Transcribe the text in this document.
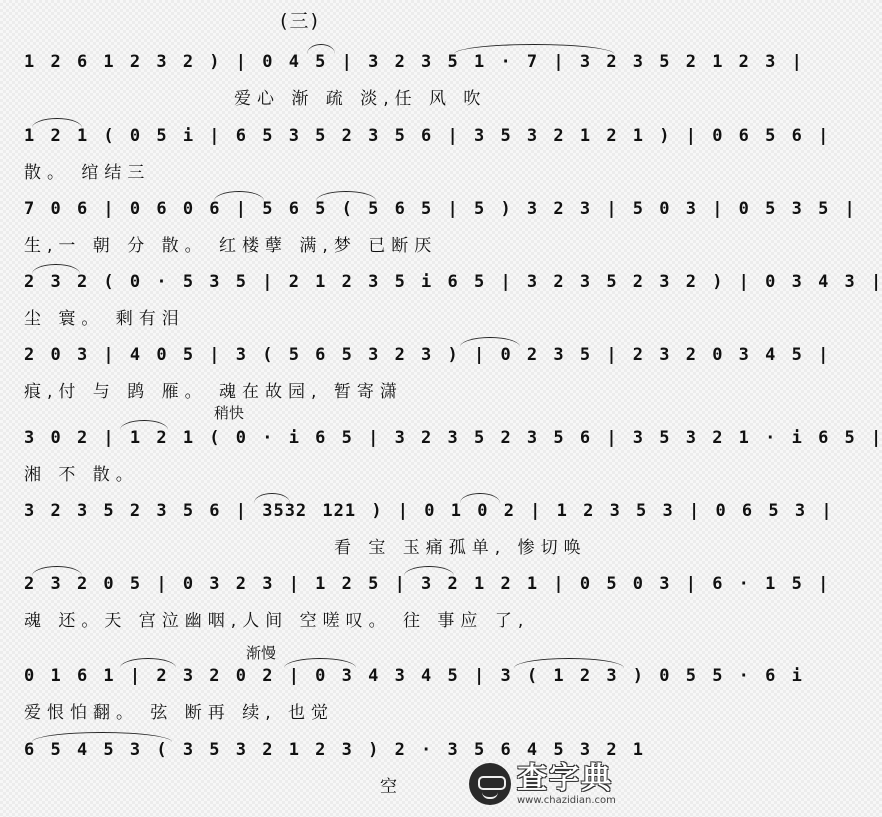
(三)
1 2 6 1 2 3 2 ) | 0 4 5 | 3 2 3 5 1 · 7 | 3 2 3 5 2 1 2 3 |
爱心 渐 疏 淡,任 风 吹
1 2 1 ( 0 5 i | 6 5 3 5 2 3 5 6 | 3 5 3 2 1 2 1 ) | 0 6 5 6 |
散。 绾结三
7 0 6 | 0 6 0 6 | 5 6 5 ( 5 6 5 | 5 ) 3 2 3 | 5 0 3 | 0 5 3 5 |
生,一 朝 分 散。 红楼孽 满,梦 已断厌
2 3 2 ( 0 · 5 3 5 | 2 1 2 3 5 i 6 5 | 3 2 3 5 2 3 2 ) | 0 3 4 3 |
尘 寰。 剩有泪
2 0 3 | 4 0 5 | 3 ( 5 6 5 3 2 3 ) | 0 2 3 5 | 2 3 2 0 3 4 5 |
痕,付 与 鹍 雁。 魂在故园, 暂寄潇
稍快
3 0 2 | 1 2 1 ( 0 · i 6 5 | 3 2 3 5 2 3 5 6 | 3 5 3 2 1 · i 6 5 |
湘 不 散。
3 2 3 5 2 3 5 6 | 3532 121 ) | 0 1 0 2 | 1 2 3 5 3 | 0 6 5 3 |
看 宝 玉痛孤单, 惨切唤
2 3 2 0 5 | 0 3 2 3 | 1 2 5 | 3 2 1 2 1 | 0 5 0 3 | 6 · 1 5 |
魂 还。天 宫泣幽咽,人间 空嗟叹。 往 事应 了,
渐慢
0 1 6 1 | 2 3 2 0 2 | 0 3 4 3 4 5 | 3 ( 1 2 3 ) 0 5 5 · 6 i
爱恨怕翻。 弦 断再 续, 也觉
6 5 4 5 3 ( 3 5 3 2 1 2 3 ) 2 · 3 5 6 4 5 3 2 1
空	查字典
www.chazidian.com
